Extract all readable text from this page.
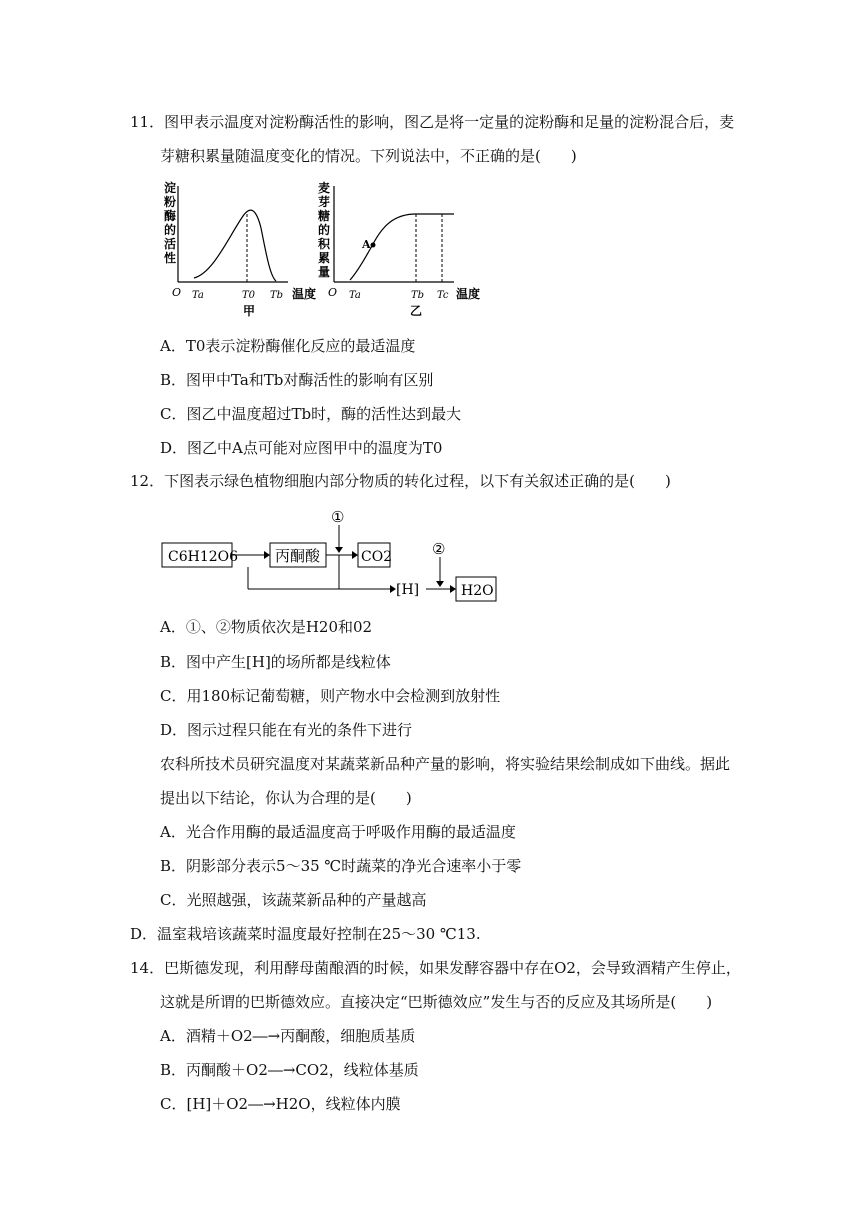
11．图甲表示温度对淀粉酶活性的影响，图乙是将一定量的淀粉酶和足量的淀粉混合后，麦
芽糖积累量随温度变化的情况。下列说法中，不正确的是(　　)
淀
粉
酶
的
活
性
O Ta	T0 Tb 温度
甲
麦
芽
糖
的
积
累
量
A
O Ta	Tb Tc 温度
乙
A．T0表示淀粉酶催化反应的最适温度
B．图甲中Ta和Tb对酶活性的影响有区别
C．图乙中温度超过Tb时，酶的活性达到最大
D．图乙中A点可能对应图甲中的温度为T0
12．下图表示绿色植物细胞内部分物质的转化过程，以下有关叙述正确的是(　　)
C6H12O6 丙酮酸
①
CO2
[H]
②
H2O
A．①、②物质依次是H20和02
B．图中产生[H]的场所都是线粒体
C．用180标记葡萄糖，则产物水中会检测到放射性
D．图示过程只能在有光的条件下进行
农科所技术员研究温度对某蔬菜新品种产量的影响，将实验结果绘制成如下曲线。据此
提出以下结论，你认为合理的是(　　)
A．光合作用酶的最适温度高于呼吸作用酶的最适温度
B．阴影部分表示5～35 ℃时蔬菜的净光合速率小于零
C．光照越强，该蔬菜新品种的产量越高
D．温室栽培该蔬菜时温度最好控制在25～30 ℃13.
14．巴斯德发现，利用酵母菌酿酒的时候，如果发酵容器中存在O2，会导致酒精产生停止，
这就是所谓的巴斯德效应。直接决定“巴斯德效应”发生与否的反应及其场所是(　　)
A．酒精＋O2―→丙酮酸，细胞质基质
B．丙酮酸＋O2―→CO2，线粒体基质
C．[H]＋O2―→H2O，线粒体内膜
